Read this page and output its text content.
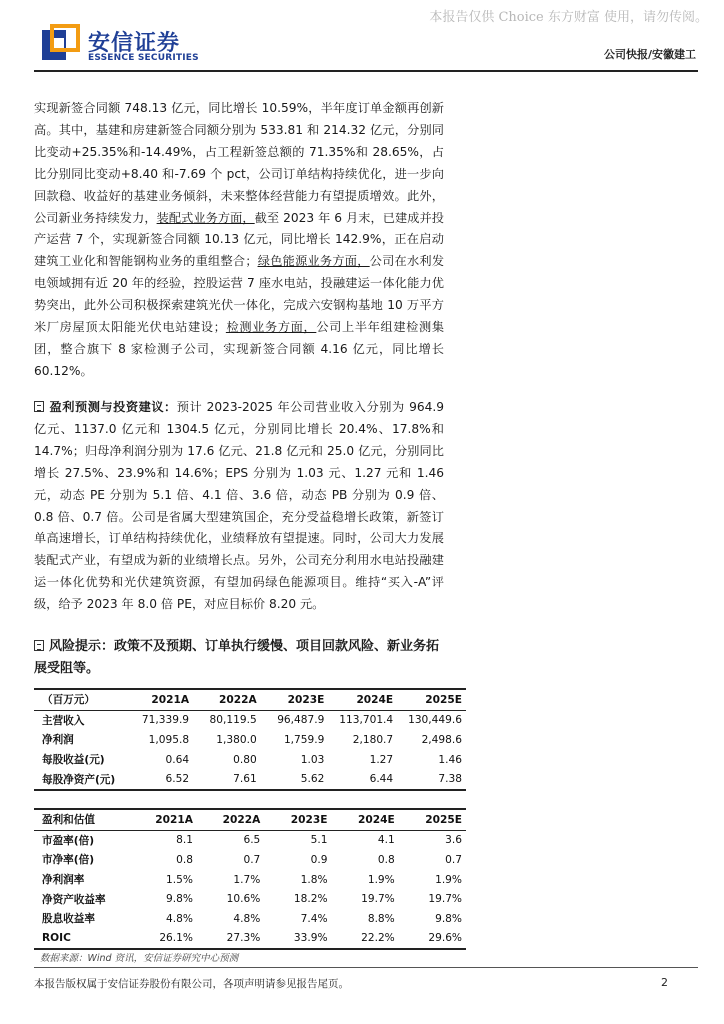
本报告仅供 Choice 东方财富 使用，请勿传阅。
安信证券
ESSENCE SECURITIES	公司快报/安徽建工
实现新签合同额 748.13 亿元，同比增长 10.59%，半年度订单金额再创新高。其中，基建和房建新签合同额分别为 533.81 和 214.32 亿元，分别同比变动+25.35%和-14.49%，占工程新签总额的 71.35%和 28.65%，占比分别同比变动+8.40 和-7.69 个 pct，公司订单结构持续优化，进一步向回款稳、收益好的基建业务倾斜，未来整体经营能力有望提质增效。此外，公司新业务持续发力，装配式业务方面，截至 2023 年 6 月末，已建成并投产运营 7 个，实现新签合同额 10.13 亿元，同比增长 142.9%，正在启动建筑工业化和智能钢构业务的重组整合；绿色能源业务方面，公司在水利发电领域拥有近 20 年的经验，控股运营 7 座水电站，投融建运一体化能力优势突出，此外公司积极探索建筑光伏一体化，完成六安钢构基地 10 万平方米厂房屋顶太阳能光伏电站建设；检测业务方面，公司上半年组建检测集团，整合旗下 8 家检测子公司，实现新签合同额 4.16 亿元，同比增长 60.12%。
盈利预测与投资建议：预计 2023-2025 年公司营业收入分别为 964.9 亿元、1137.0 亿元和 1304.5 亿元，分别同比增长 20.4%、17.8%和 14.7%；归母净利润分别为 17.6 亿元、21.8 亿元和 25.0 亿元，分别同比增长 27.5%、23.9%和 14.6%；EPS 分别为 1.03 元、1.27 元和 1.46 元，动态 PE 分别为 5.1 倍、4.1 倍、3.6 倍，动态 PB 分别为 0.9 倍、0.8 倍、0.7 倍。公司是省属大型建筑国企，充分受益稳增长政策，新签订单高速增长，订单结构持续优化，业绩释放有望提速。同时，公司大力发展装配式产业，有望成为新的业绩增长点。另外，公司充分利用水电站投融建运一体化优势和光伏建筑资源，有望加码绿色能源项目。维持“买入-A”评级，给予 2023 年 8.0 倍 PE，对应目标价 8.20 元。
风险提示：政策不及预期、订单执行缓慢、项目回款风险、新业务拓展受阻等。
（百万元）	2021A	2022A	2023E	2024E	2025E
主营收入	71,339.9	80,119.5	96,487.9	113,701.4	130,449.6
净利润	1,095.8	1,380.0	1,759.9	2,180.7	2,498.6
每股收益(元)	0.64	0.80	1.03	1.27	1.46
每股净资产(元)	6.52	7.61	5.62	6.44	7.38
盈利和估值	2021A	2022A	2023E	2024E	2025E
市盈率(倍)	8.1	6.5	5.1	4.1	3.6
市净率(倍)	0.8	0.7	0.9	0.8	0.7
净利润率	1.5%	1.7%	1.8%	1.9%	1.9%
净资产收益率	9.8%	10.6%	18.2%	19.7%	19.7%
股息收益率	4.8%	4.8%	7.4%	8.8%	9.8%
ROIC	26.1%	27.3%	33.9%	22.2%	29.6%
数据来源：Wind 资讯，安信证券研究中心预测
本报告版权属于安信证券股份有限公司，各项声明请参见报告尾页。	2
